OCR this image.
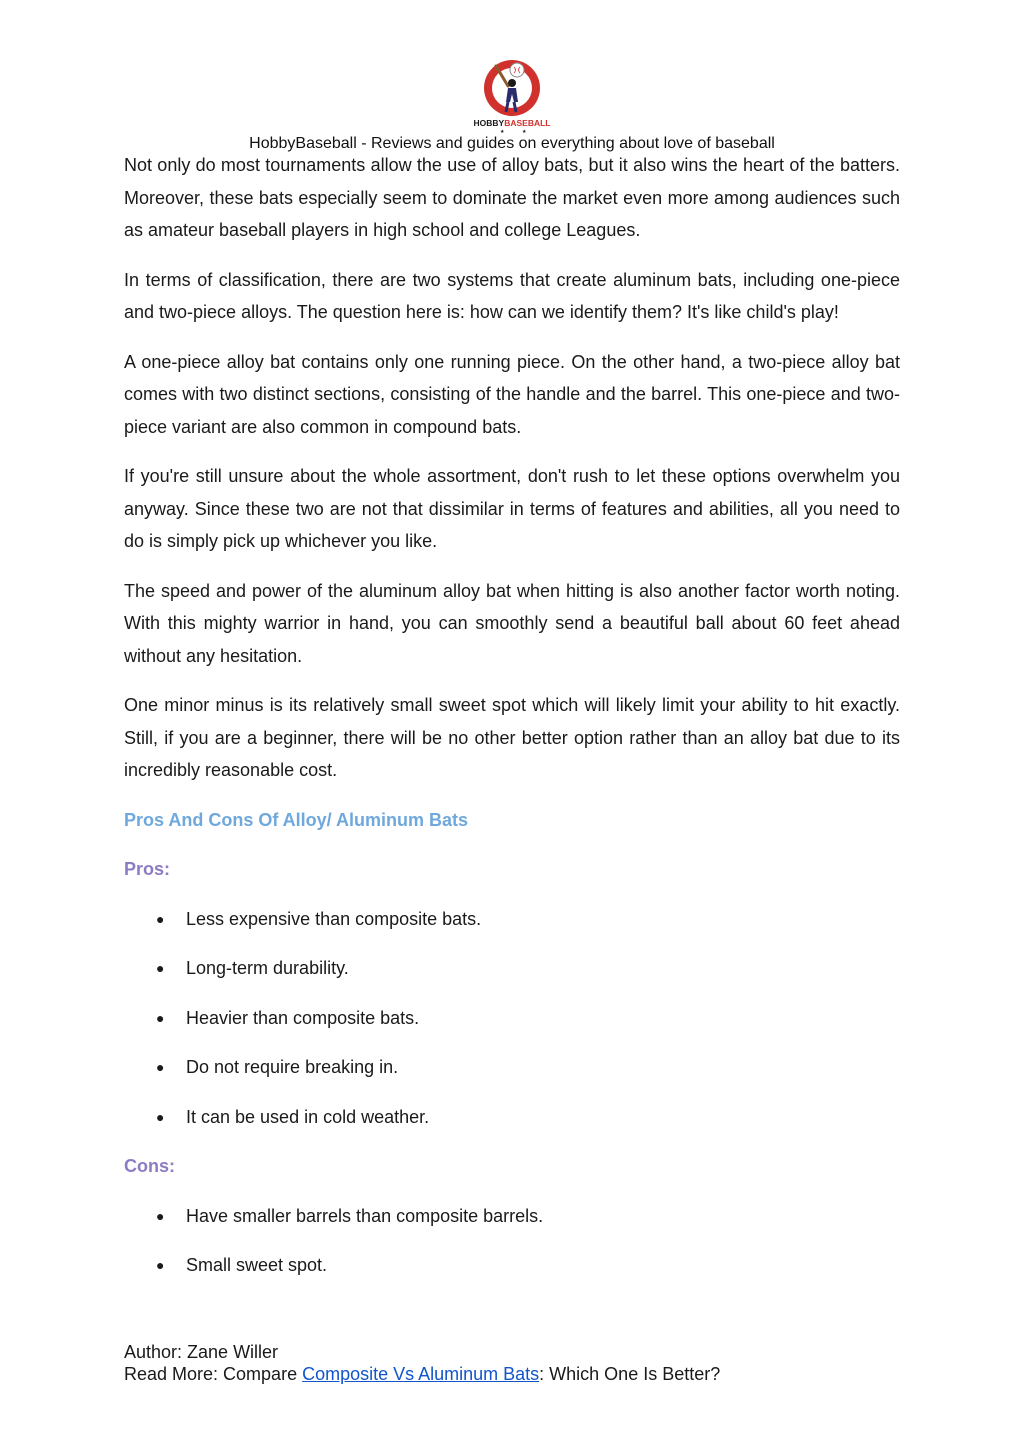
HOBBYBASEBALL
★	★
HobbyBaseball - Reviews and guides on everything about love of baseball

Not only do most tournaments allow the use of alloy bats, but it also wins the heart of the batters. Moreover, these bats especially seem to dominate the market even more among audiences such as amateur baseball players in high school and college Leagues.

In terms of classification, there are two systems that create aluminum bats, including one-piece and two-piece alloys. The question here is: how can we identify them? It's like child's play!

A one-piece alloy bat contains only one running piece. On the other hand, a two-piece alloy bat comes with two distinct sections, consisting of the handle and the barrel. This one-piece and two-piece variant are also common in compound bats.

If you're still unsure about the whole assortment, don't rush to let these options overwhelm you anyway. Since these two are not that dissimilar in terms of features and abilities, all you need to do is simply pick up whichever you like.

The speed and power of the aluminum alloy bat when hitting is also another factor worth noting. With this mighty warrior in hand, you can smoothly send a beautiful ball about 60 feet ahead without any hesitation.

One minor minus is its relatively small sweet spot which will likely limit your ability to hit exactly. Still, if you are a beginner, there will be no other better option rather than an alloy bat due to its incredibly reasonable cost.

Pros And Cons Of Alloy/ Aluminum Bats
Pros:
● Less expensive than composite bats.
● Long-term durability.
● Heavier than composite bats.
● Do not require breaking in.
● It can be used in cold weather.
Cons:
● Have smaller barrels than composite barrels.
● Small sweet spot.
Author: Zane Willer
Read More: Compare Composite Vs Aluminum Bats: Which One Is Better?
